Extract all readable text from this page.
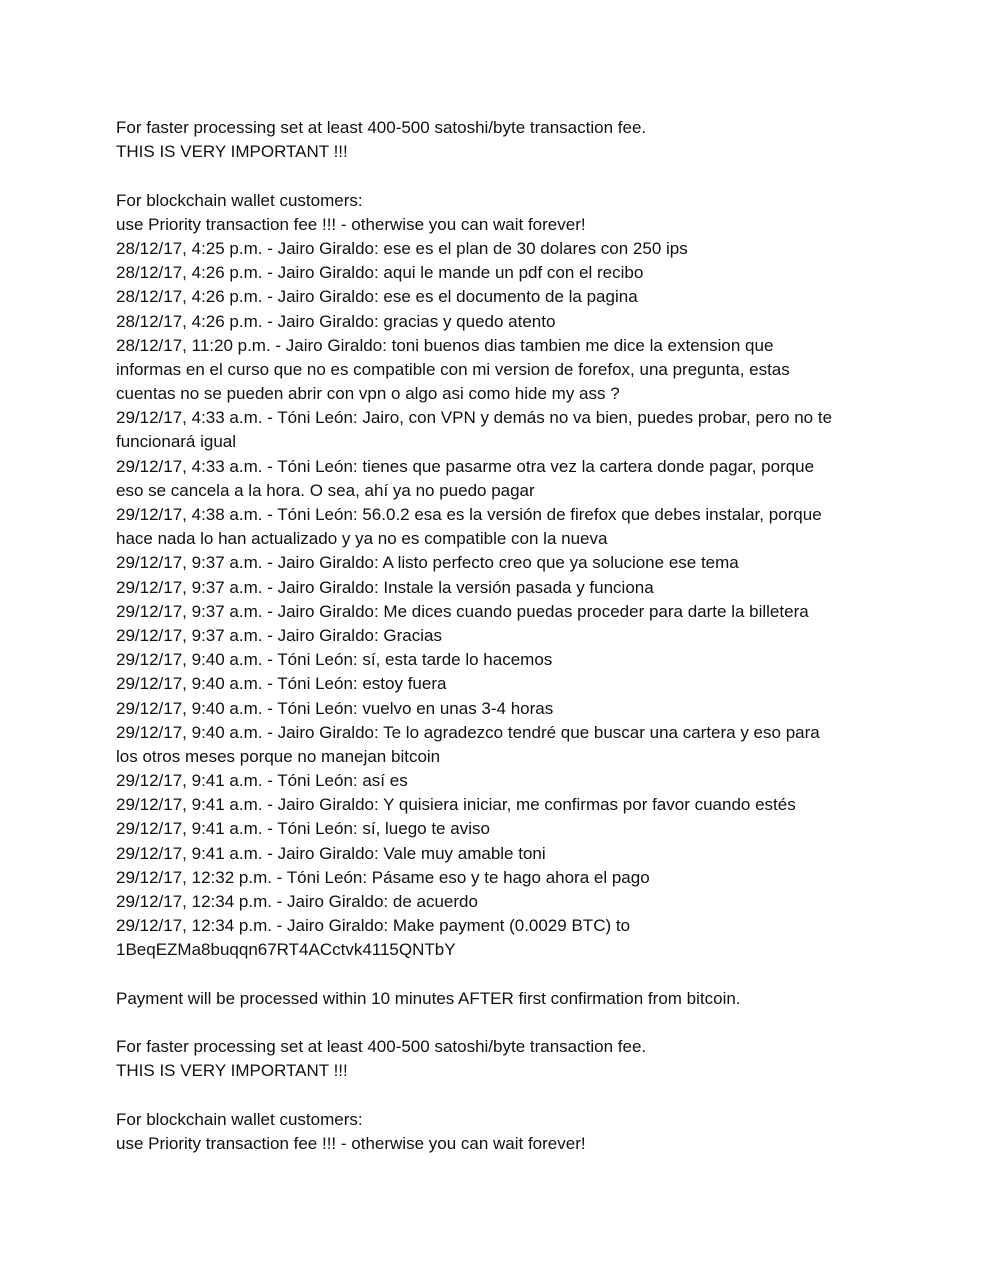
For faster processing set at least 400-500 satoshi/byte transaction fee.
THIS IS VERY IMPORTANT !!!
For blockchain wallet customers:
use Priority transaction fee !!! - otherwise you can wait forever!
28/12/17, 4:25 p.m. - Jairo Giraldo: ese es el plan de 30 dolares con 250 ips
28/12/17, 4:26 p.m. - Jairo Giraldo: aqui le mande un pdf con el recibo
28/12/17, 4:26 p.m. - Jairo Giraldo: ese es el documento de la pagina
28/12/17, 4:26 p.m. - Jairo Giraldo: gracias y quedo atento
28/12/17, 11:20 p.m. - Jairo Giraldo: toni buenos dias tambien me dice la extension que
informas en el curso que no es compatible con mi version de forefox, una pregunta, estas
cuentas no se pueden abrir con vpn o algo asi como hide my ass ?
29/12/17, 4:33 a.m. - Tóni León: Jairo, con VPN y demás no va bien, puedes probar, pero no te
funcionará igual
29/12/17, 4:33 a.m. - Tóni León: tienes que pasarme otra vez la cartera donde pagar, porque
eso se cancela a la hora. O sea, ahí ya no puedo pagar
29/12/17, 4:38 a.m. - Tóni León: 56.0.2 esa es la versión de firefox que debes instalar, porque
hace nada lo han actualizado y ya no es compatible con la nueva
29/12/17, 9:37 a.m. - Jairo Giraldo: A listo perfecto creo que ya solucione ese tema
29/12/17, 9:37 a.m. - Jairo Giraldo: Instale la versión pasada y funciona
29/12/17, 9:37 a.m. - Jairo Giraldo: Me dices cuando puedas proceder para darte la billetera
29/12/17, 9:37 a.m. - Jairo Giraldo: Gracias
29/12/17, 9:40 a.m. - Tóni León: sí, esta tarde lo hacemos
29/12/17, 9:40 a.m. - Tóni León: estoy fuera
29/12/17, 9:40 a.m. - Tóni León: vuelvo en unas 3-4 horas
29/12/17, 9:40 a.m. - Jairo Giraldo: Te lo agradezco tendré que buscar una cartera y eso para
los otros meses porque no manejan bitcoin
29/12/17, 9:41 a.m. - Tóni León: así es
29/12/17, 9:41 a.m. - Jairo Giraldo: Y quisiera iniciar, me confirmas por favor cuando estés
29/12/17, 9:41 a.m. - Tóni León: sí, luego te aviso
29/12/17, 9:41 a.m. - Jairo Giraldo: Vale muy amable toni
29/12/17, 12:32 p.m. - Tóni León: Pásame eso y te hago ahora el pago
29/12/17, 12:34 p.m. - Jairo Giraldo: de acuerdo
29/12/17, 12:34 p.m. - Jairo Giraldo: Make payment (0.0029 BTC) to
1BeqEZMa8buqqn67RT4ACctvk4115QNTbY
Payment will be processed within 10 minutes AFTER first confirmation from bitcoin.
For faster processing set at least 400-500 satoshi/byte transaction fee.
THIS IS VERY IMPORTANT !!!
For blockchain wallet customers:
use Priority transaction fee !!! - otherwise you can wait forever!
